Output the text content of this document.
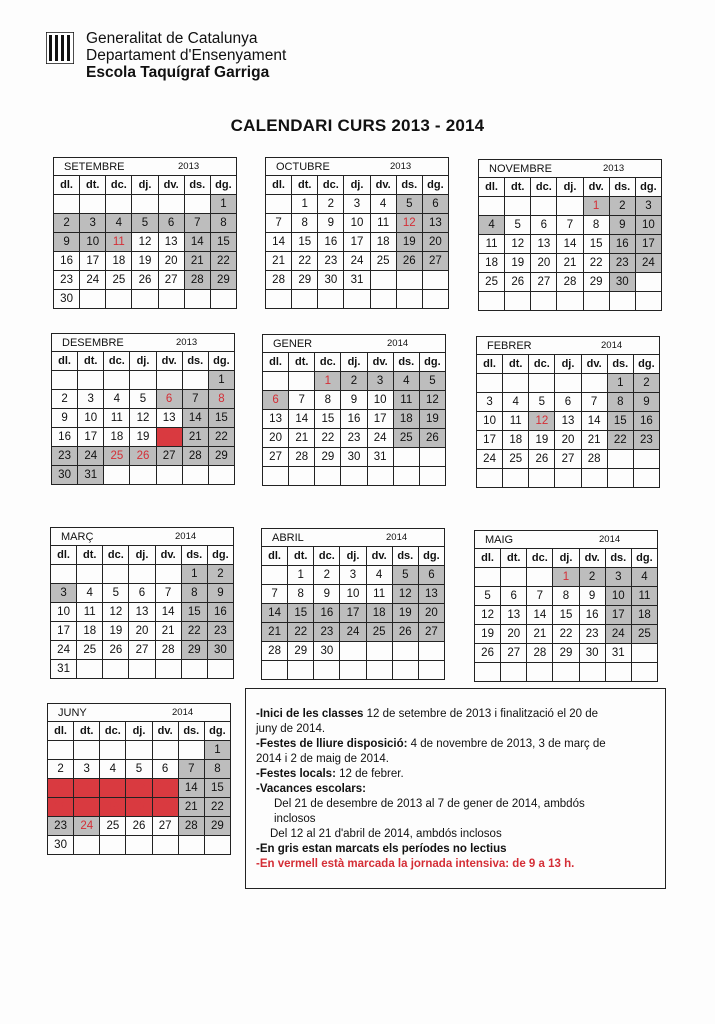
Generalitat de Catalunya
Departament d'Ensenyament
Escola Taquígraf Garriga
CALENDARI CURS 2013 - 2014
SETEMBRE	2013
dl.	dt.	dc.	dj.	dv.	ds.	dg.
						1
2	3	4	5	6	7	8
9	10	11	12	13	14	15
16	17	18	19	20	21	22
23	24	25	26	27	28	29
30						
OCTUBRE	2013
dl.	dt.	dc.	dj.	dv.	ds.	dg.
	1	2	3	4	5	6
7	8	9	10	11	12	13
14	15	16	17	18	19	20
21	22	23	24	25	26	27
28	29	30	31			

NOVEMBRE	2013
dl.	dt.	dc.	dj.	dv.	ds.	dg.
				1	2	3
4	5	6	7	8	9	10
11	12	13	14	15	16	17
18	19	20	21	22	23	24
25	26	27	28	29	30	

DESEMBRE	2013
dl.	dt.	dc.	dj.	dv.	ds.	dg.
						1
2	3	4	5	6	7	8
9	10	11	12	13	14	15
16	17	18	19	20	21	22
23	24	25	26	27	28	29
30	31					
GENER	2014
dl.	dt.	dc.	dj.	dv.	ds.	dg.
		1	2	3	4	5
6	7	8	9	10	11	12
13	14	15	16	17	18	19
20	21	22	23	24	25	26
27	28	29	30	31		

FEBRER	2014
dl.	dt.	dc.	dj.	dv.	ds.	dg.
					1	2
3	4	5	6	7	8	9
10	11	12	13	14	15	16
17	18	19	20	21	22	23
24	25	26	27	28		

MARÇ	2014
dl.	dt.	dc.	dj.	dv.	ds.	dg.
					1	2
3	4	5	6	7	8	9
10	11	12	13	14	15	16
17	18	19	20	21	22	23
24	25	26	27	28	29	30
31						
ABRIL	2014
dl.	dt.	dc.	dj.	dv.	ds.	dg.
	1	2	3	4	5	6
7	8	9	10	11	12	13
14	15	16	17	18	19	20
21	22	23	24	25	26	27
28	29	30				

MAIG	2014
dl.	dt.	dc.	dj.	dv.	ds.	dg.
			1	2	3	4
5	6	7	8	9	10	11
12	13	14	15	16	17	18
19	20	21	22	23	24	25
26	27	28	29	30	31	

JUNY	2014
dl.	dt.	dc.	dj.	dv.	ds.	dg.
						1
2	3	4	5	6	7	8
9	10	11	12	13	14	15
16	17	18	19	20	21	22
23	24	25	26	27	28	29
30						

-Inici de les classes 12 de setembre de 2013 i finalització el 20 de

juny de 2014.

-Festes de lliure disposició: 4 de novembre de 2013, 3 de març de

2014 i 2 de maig de 2014.

-Festes locals: 12 de febrer.

-Vacances escolars:

Del 21 de desembre de 2013 al 7 de gener de 2014, ambdós

inclosos

Del 12 al 21 d'abril de 2014, ambdós inclosos

-En gris estan marcats els períodes no lectius

-En vermell està marcada la jornada intensiva: de 9 a 13 h.
